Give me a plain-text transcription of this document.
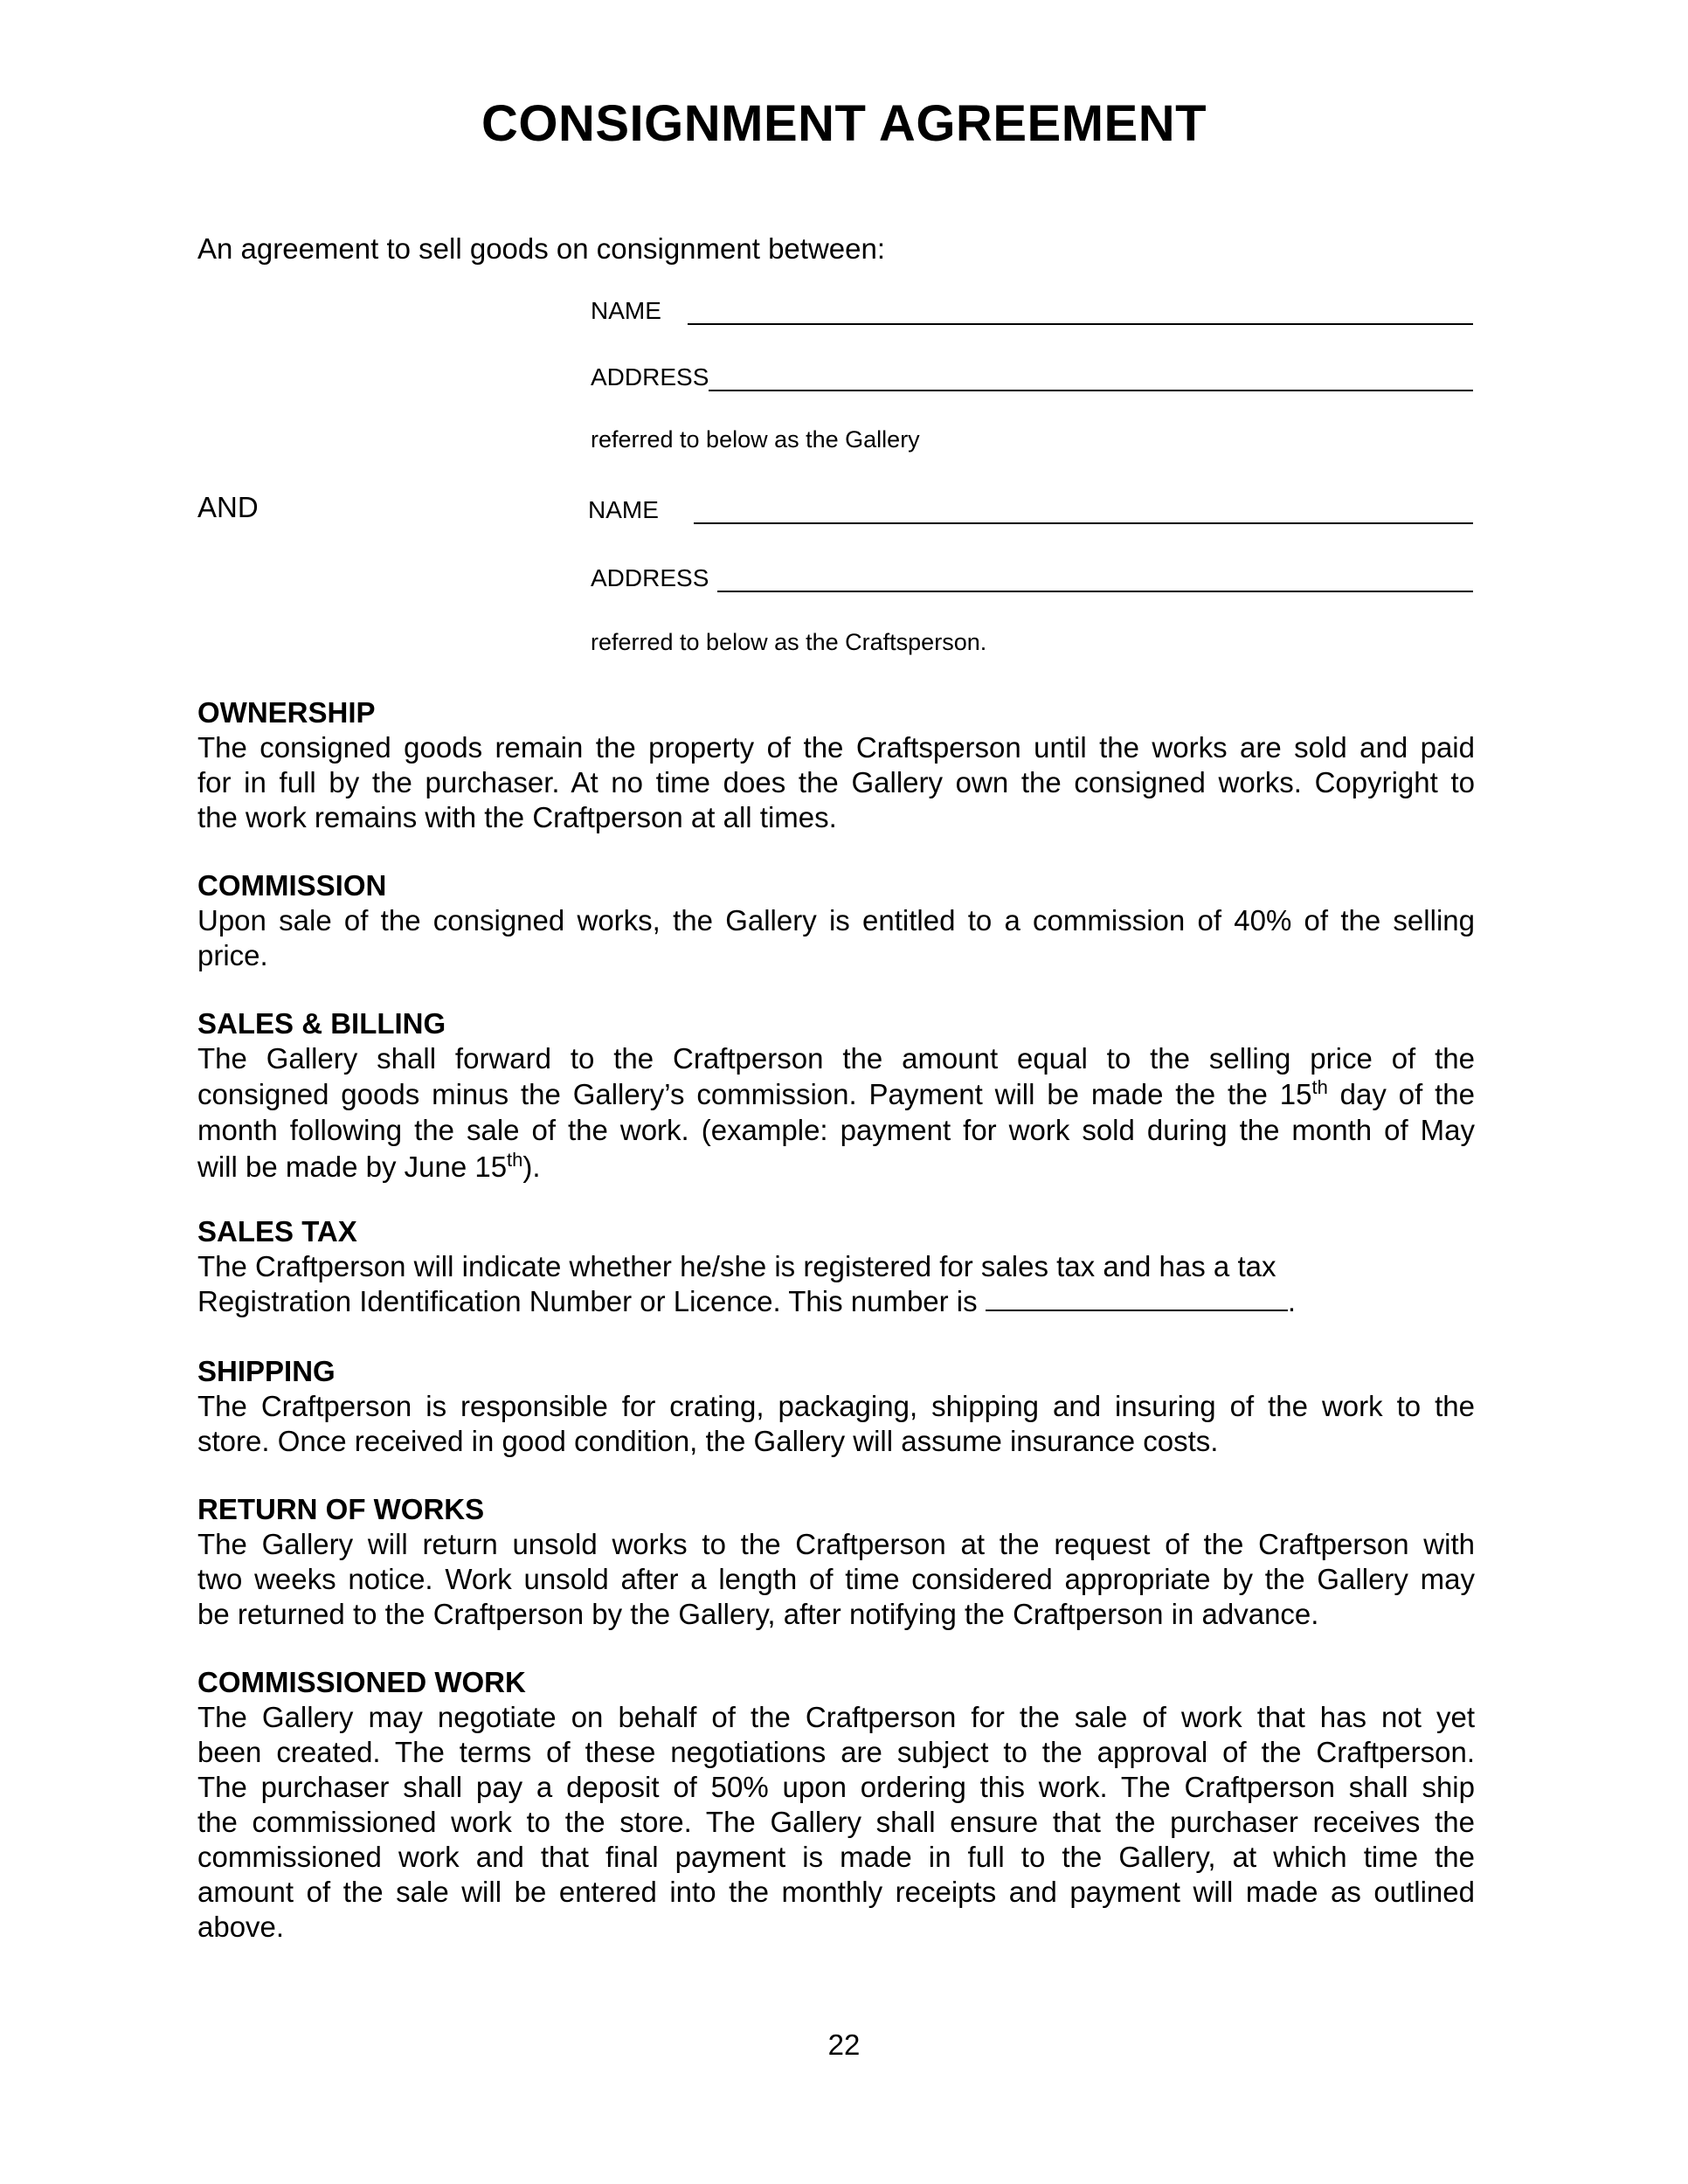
CONSIGNMENT AGREEMENT
An agreement to sell goods on consignment between:
NAME
ADDRESS
referred to below as the Gallery
AND	NAME
ADDRESS
referred to below as the Craftsperson.
OWNERSHIP
The consigned goods remain the property of the Craftsperson until the works are sold and paid
for in full by the purchaser. At no time does the Gallery own the consigned works. Copyright to
the work remains with the Craftperson at all times.
COMMISSION
Upon sale of the consigned works, the Gallery is entitled to a commission of 40% of the selling
price.
SALES & BILLING
The Gallery shall forward to the Craftperson the amount equal to the selling price of the
consigned goods minus the Gallery’s commission. Payment will be made the the 15th day of the
month following the sale of the work. (example: payment for work sold during the month of May
will be made by June 15th).
SALES TAX
The Craftperson will indicate whether he/she is registered for sales tax and has a tax
Registration Identification Number or Licence. This number is	.
SHIPPING
The Craftperson is responsible for crating, packaging, shipping and insuring of the work to the
store. Once received in good condition, the Gallery will assume insurance costs.
RETURN OF WORKS
The Gallery will return unsold works to the Craftperson at the request of the Craftperson with
two weeks notice. Work unsold after a length of time considered appropriate by the Gallery may
be returned to the Craftperson by the Gallery, after notifying the Craftperson in advance.
COMMISSIONED WORK
The Gallery may negotiate on behalf of the Craftperson for the sale of work that has not yet
been created. The terms of these negotiations are subject to the approval of the Craftperson.
The purchaser shall pay a deposit of 50% upon ordering this work. The Craftperson shall ship
the commissioned work to the store. The Gallery shall ensure that the purchaser receives the
commissioned work and that final payment is made in full to the Gallery, at which time the
amount of the sale will be entered into the monthly receipts and payment will made as outlined
above.
22
